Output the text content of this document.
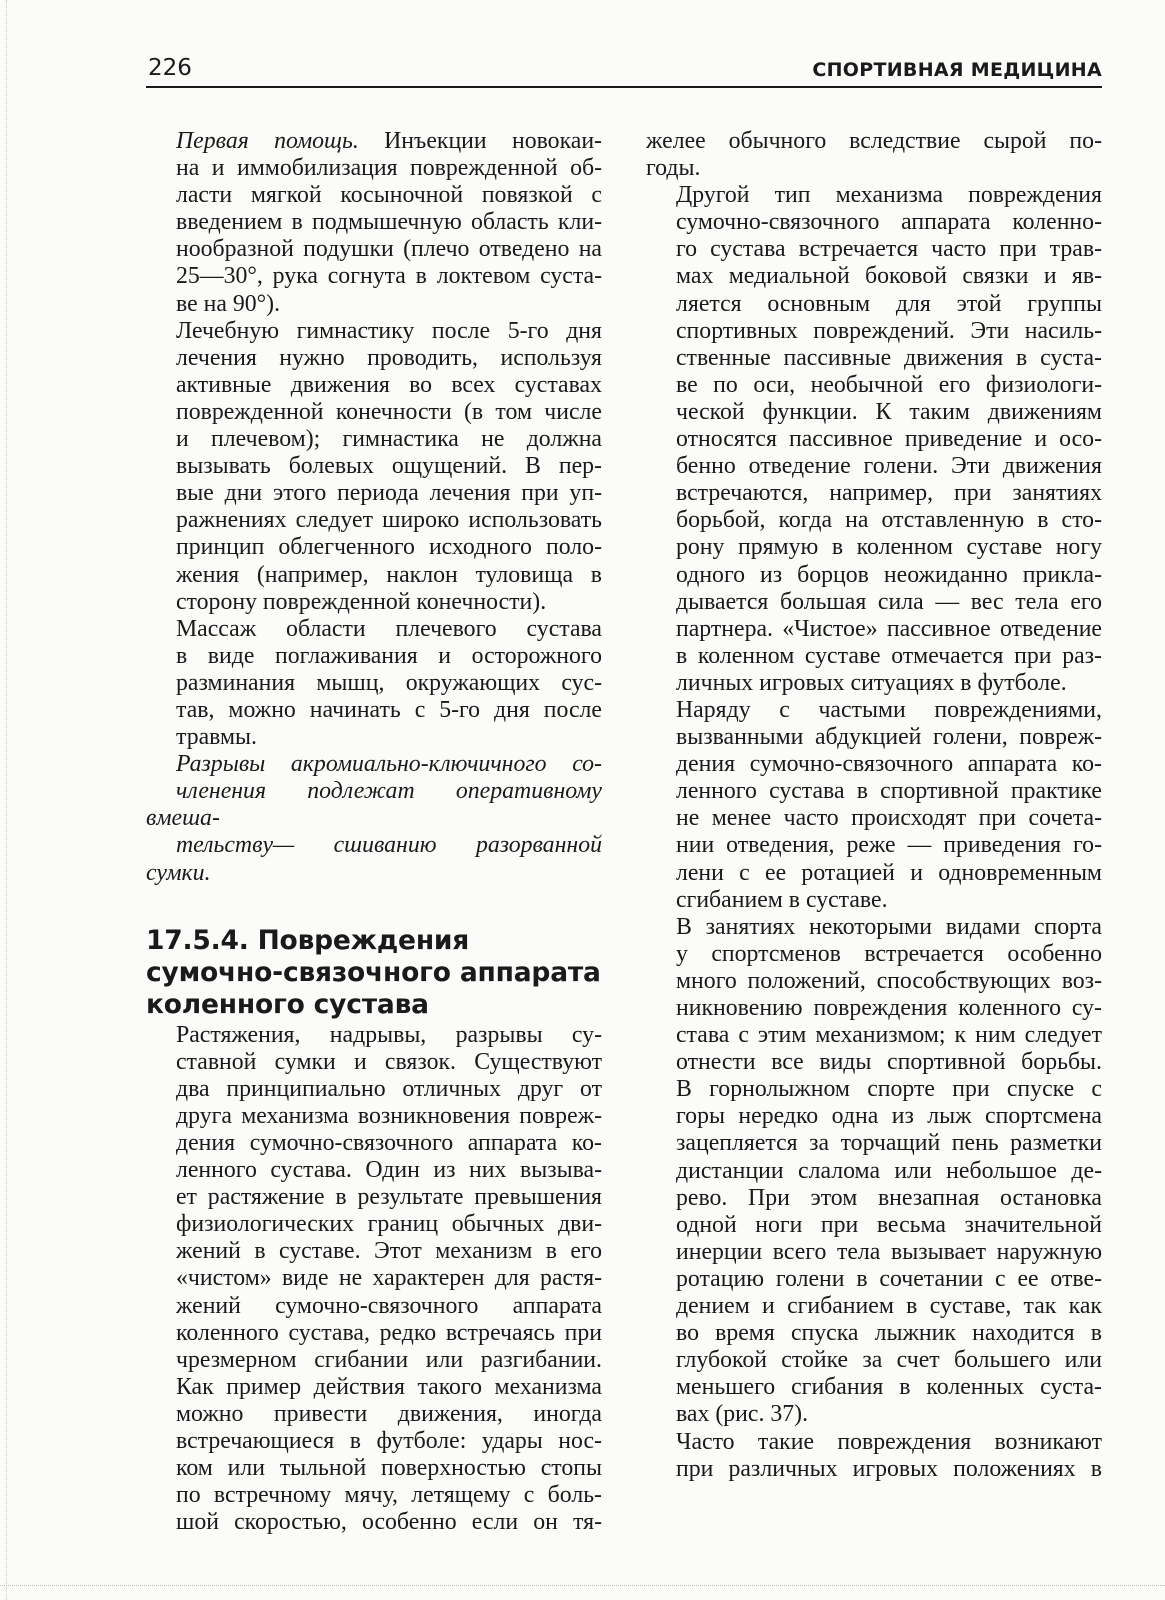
226	СПОРТИВНАЯ МЕДИЦИНА

Первая помощь. Инъекции новокаи-
на и иммобилизация поврежденной об-
ласти мягкой косыночной повязкой с
введением в подмышечную область кли-
нообразной подушки (плечо отведено на
25—30°, рука согнута в локтевом суста-
ве на 90°).

Лечебную гимнастику после 5-го дня
лечения нужно проводить, используя
активные движения во всех суставах
поврежденной конечности (в том числе
и плечевом); гимнастика не должна
вызывать болевых ощущений. В пер-
вые дни этого периода лечения при уп-
ражнениях следует широко использовать
принцип облегченного исходного поло-
жения (например, наклон туловища в
сторону поврежденной конечности).

Массаж области плечевого сустава
в виде поглаживания и осторожного
разминания мышц, окружающих сус-
тав, можно начинать с 5-го дня после
травмы.

Разрывы акромиально-ключичного со-
членения подлежат оперативному вмеша-
тельству— сшиванию разорванной сумки.

17.5.4. Повреждения
сумочно-связочного аппарата
коленного сустава

Растяжения, надрывы, разрывы су-
ставной сумки и связок. Существуют
два принципиально отличных друг от
друга механизма возникновения повреж-
дения сумочно-связочного аппарата ко-
ленного сустава. Один из них вызыва-
ет растяжение в результате превышения
физиологических границ обычных дви-
жений в суставе. Этот механизм в его
«чистом» виде не характерен для растя-
жений сумочно-связочного аппарата
коленного сустава, редко встречаясь при
чрезмерном сгибании или разгибании.
Как пример действия такого механизма
можно привести движения, иногда
встречающиеся в футболе: удары нос-
ком или тыльной поверхностью стопы
по встречному мячу, летящему с боль-
шой скоростью, особенно если он тя-

желее обычного вследствие сырой по-
годы.

Другой тип механизма повреждения
сумочно-связочного аппарата коленно-
го сустава встречается часто при трав-
мах медиальной боковой связки и яв-
ляется основным для этой группы
спортивных повреждений. Эти насиль-
ственные пассивные движения в суста-
ве по оси, необычной его физиологи-
ческой функции. К таким движениям
относятся пассивное приведение и осо-
бенно отведение голени. Эти движения
встречаются, например, при занятиях
борьбой, когда на отставленную в сто-
рону прямую в коленном суставе ногу
одного из борцов неожиданно прикла-
дывается большая сила — вес тела его
партнера. «Чистое» пассивное отведение
в коленном суставе отмечается при раз-
личных игровых ситуациях в футболе.

Наряду с частыми повреждениями,
вызванными абдукцией голени, повреж-
дения сумочно-связочного аппарата ко-
ленного сустава в спортивной практике
не менее часто происходят при сочета-
нии отведения, реже — приведения го-
лени с ее ротацией и одновременным
сгибанием в суставе.

В занятиях некоторыми видами спорта
у спортсменов встречается особенно
много положений, способствующих воз-
никновению повреждения коленного су-
става с этим механизмом; к ним следует
отнести все виды спортивной борьбы.
В горнолыжном спорте при спуске с
горы нередко одна из лыж спортсмена
зацепляется за торчащий пень разметки
дистанции слалома или небольшое де-
рево. При этом внезапная остановка
одной ноги при весьма значительной
инерции всего тела вызывает наружную
ротацию голени в сочетании с ее отве-
дением и сгибанием в суставе, так как
во время спуска лыжник находится в
глубокой стойке за счет большего или
меньшего сгибания в коленных суста-
вах (рис. 37).

Часто такие повреждения возникают
при различных игровых положениях в
